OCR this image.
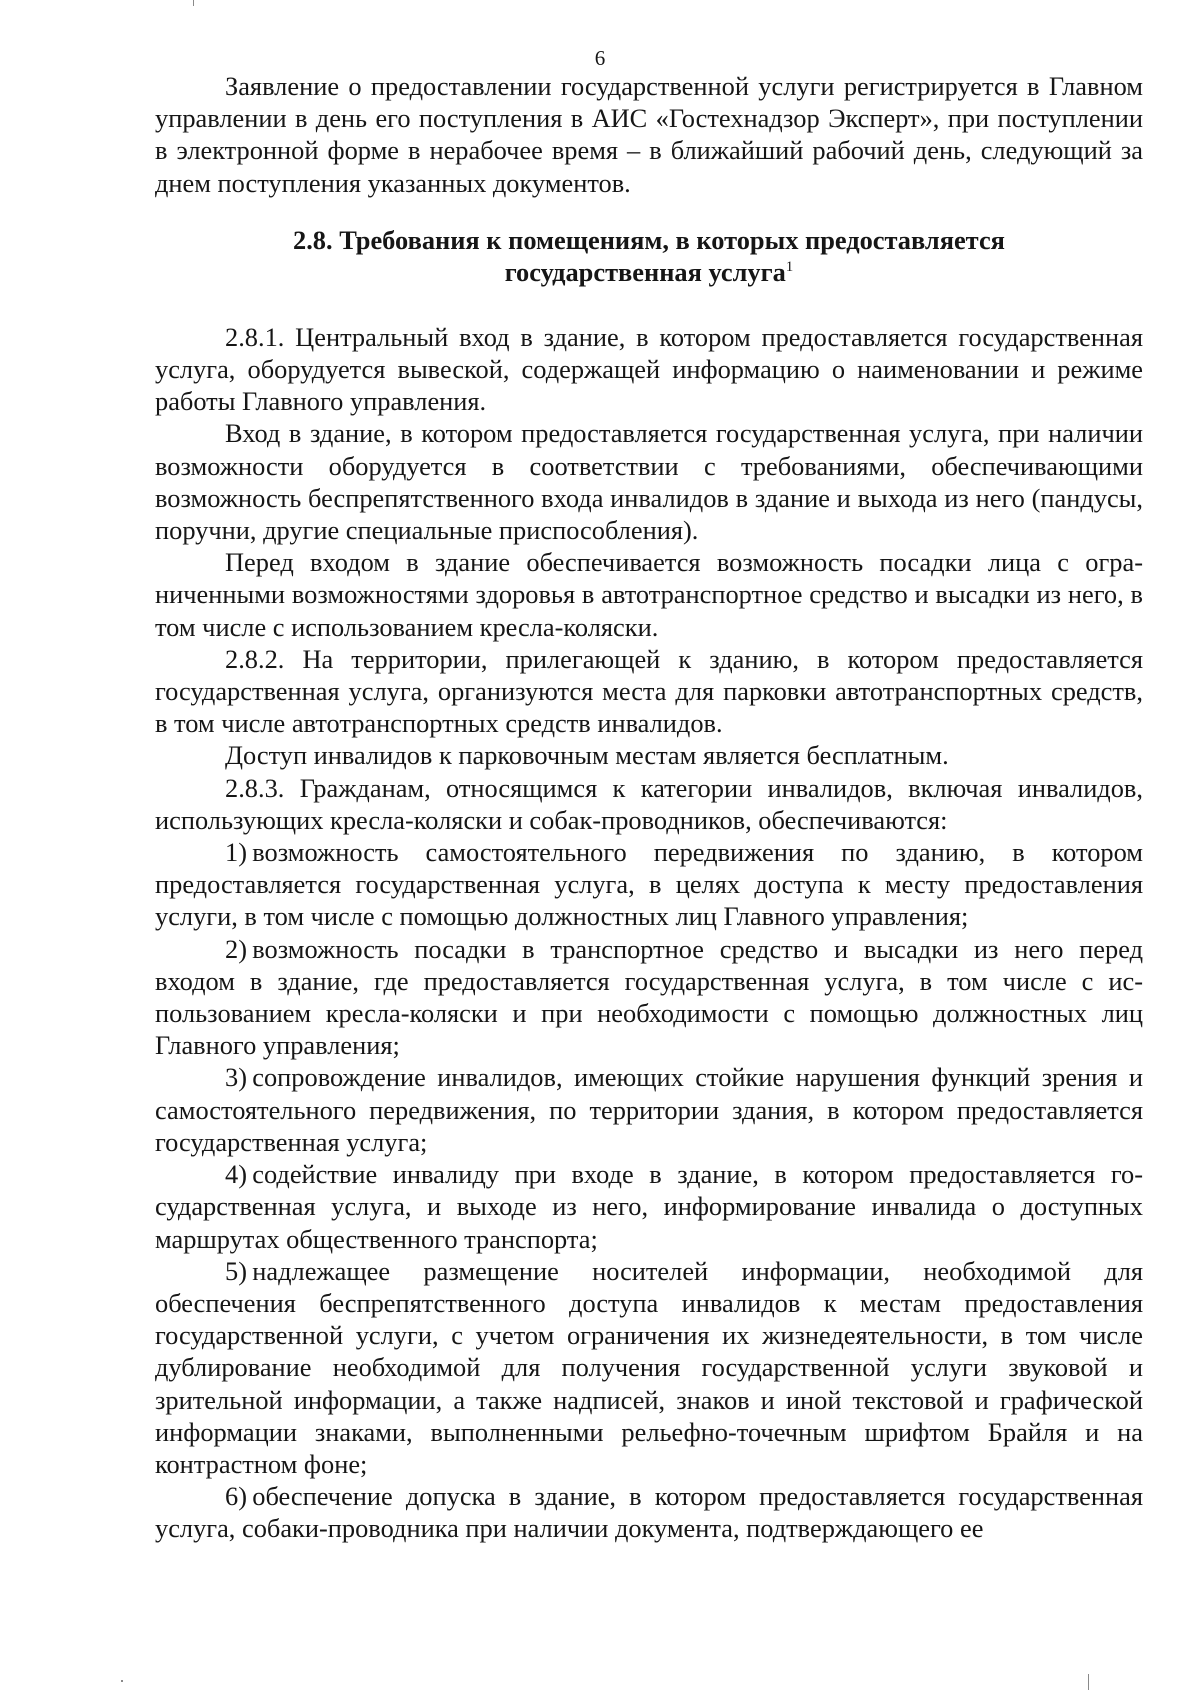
6

Заявление о предоставлении государственной услуги регистрируется в Главном управлении в день его поступления в АИС «Гостехнадзор Эксперт», при поступлении в электронной форме в нерабочее время – в ближайший рабочий день, следующий за днем поступления указанных документов.

2.8. Требования к помещениям, в которых предоставляется
государственная услуга$^1$

2.8.1. Центральный вход в здание, в котором предоставляется государственная услуга, оборудуется вывеской, содержащей информацию о наименовании и режиме работы Главного управления.

Вход в здание, в котором предоставляется государственная услуга, при наличии возможности оборудуется в соответствии с требованиями, обеспечивающими возможность беспрепятственного входа инвалидов в здание и выхода из него (пандусы, поручни, другие специальные приспособления).

Перед входом в здание обеспечивается возможность посадки лица с ограниченными возможностями здоровья в автотранспортное средство и высадки из него, в том числе с использованием кресла-коляски.

2.8.2. На территории, прилегающей к зданию, в котором предоставляется государственная услуга, организуются места для парковки автотранспортных средств, в том числе автотранспортных средств инвалидов.

Доступ инвалидов к парковочным местам является бесплатным.

2.8.3. Гражданам, относящимся к категории инвалидов, включая инвалидов, использующих кресла-коляски и собак-проводников, обеспечиваются:

1) возможность самостоятельного передвижения по зданию, в котором предоставляется государственная услуга, в целях доступа к месту предоставления услуги, в том числе с помощью должностных лиц Главного управления;

2) возможность посадки в транспортное средство и высадки из него перед входом в здание, где предоставляется государственная услуга, в том числе с использованием кресла-коляски и при необходимости с помощью должностных лиц Главного управления;

3) сопровождение инвалидов, имеющих стойкие нарушения функций зрения и самостоятельного передвижения, по территории здания, в котором предоставляется государственная услуга;

4) содействие инвалиду при входе в здание, в котором предоставляется государственная услуга, и выходе из него, информирование инвалида о доступных маршрутах общественного транспорта;

5) надлежащее размещение носителей информации, необходимой для обеспечения беспрепятственного доступа инвалидов к местам предоставления государственной услуги, с учетом ограничения их жизнедеятельности, в том числе дублирование необходимой для получения государственной услуги звуковой и зрительной информации, а также надписей, знаков и иной текстовой и графической информации знаками, выполненными рельефно-точечным шрифтом Брайля и на контрастном фоне;

6) обеспечение допуска в здание, в котором предоставляется государственная услуга, собаки-проводника при наличии документа, подтверждающего ее
